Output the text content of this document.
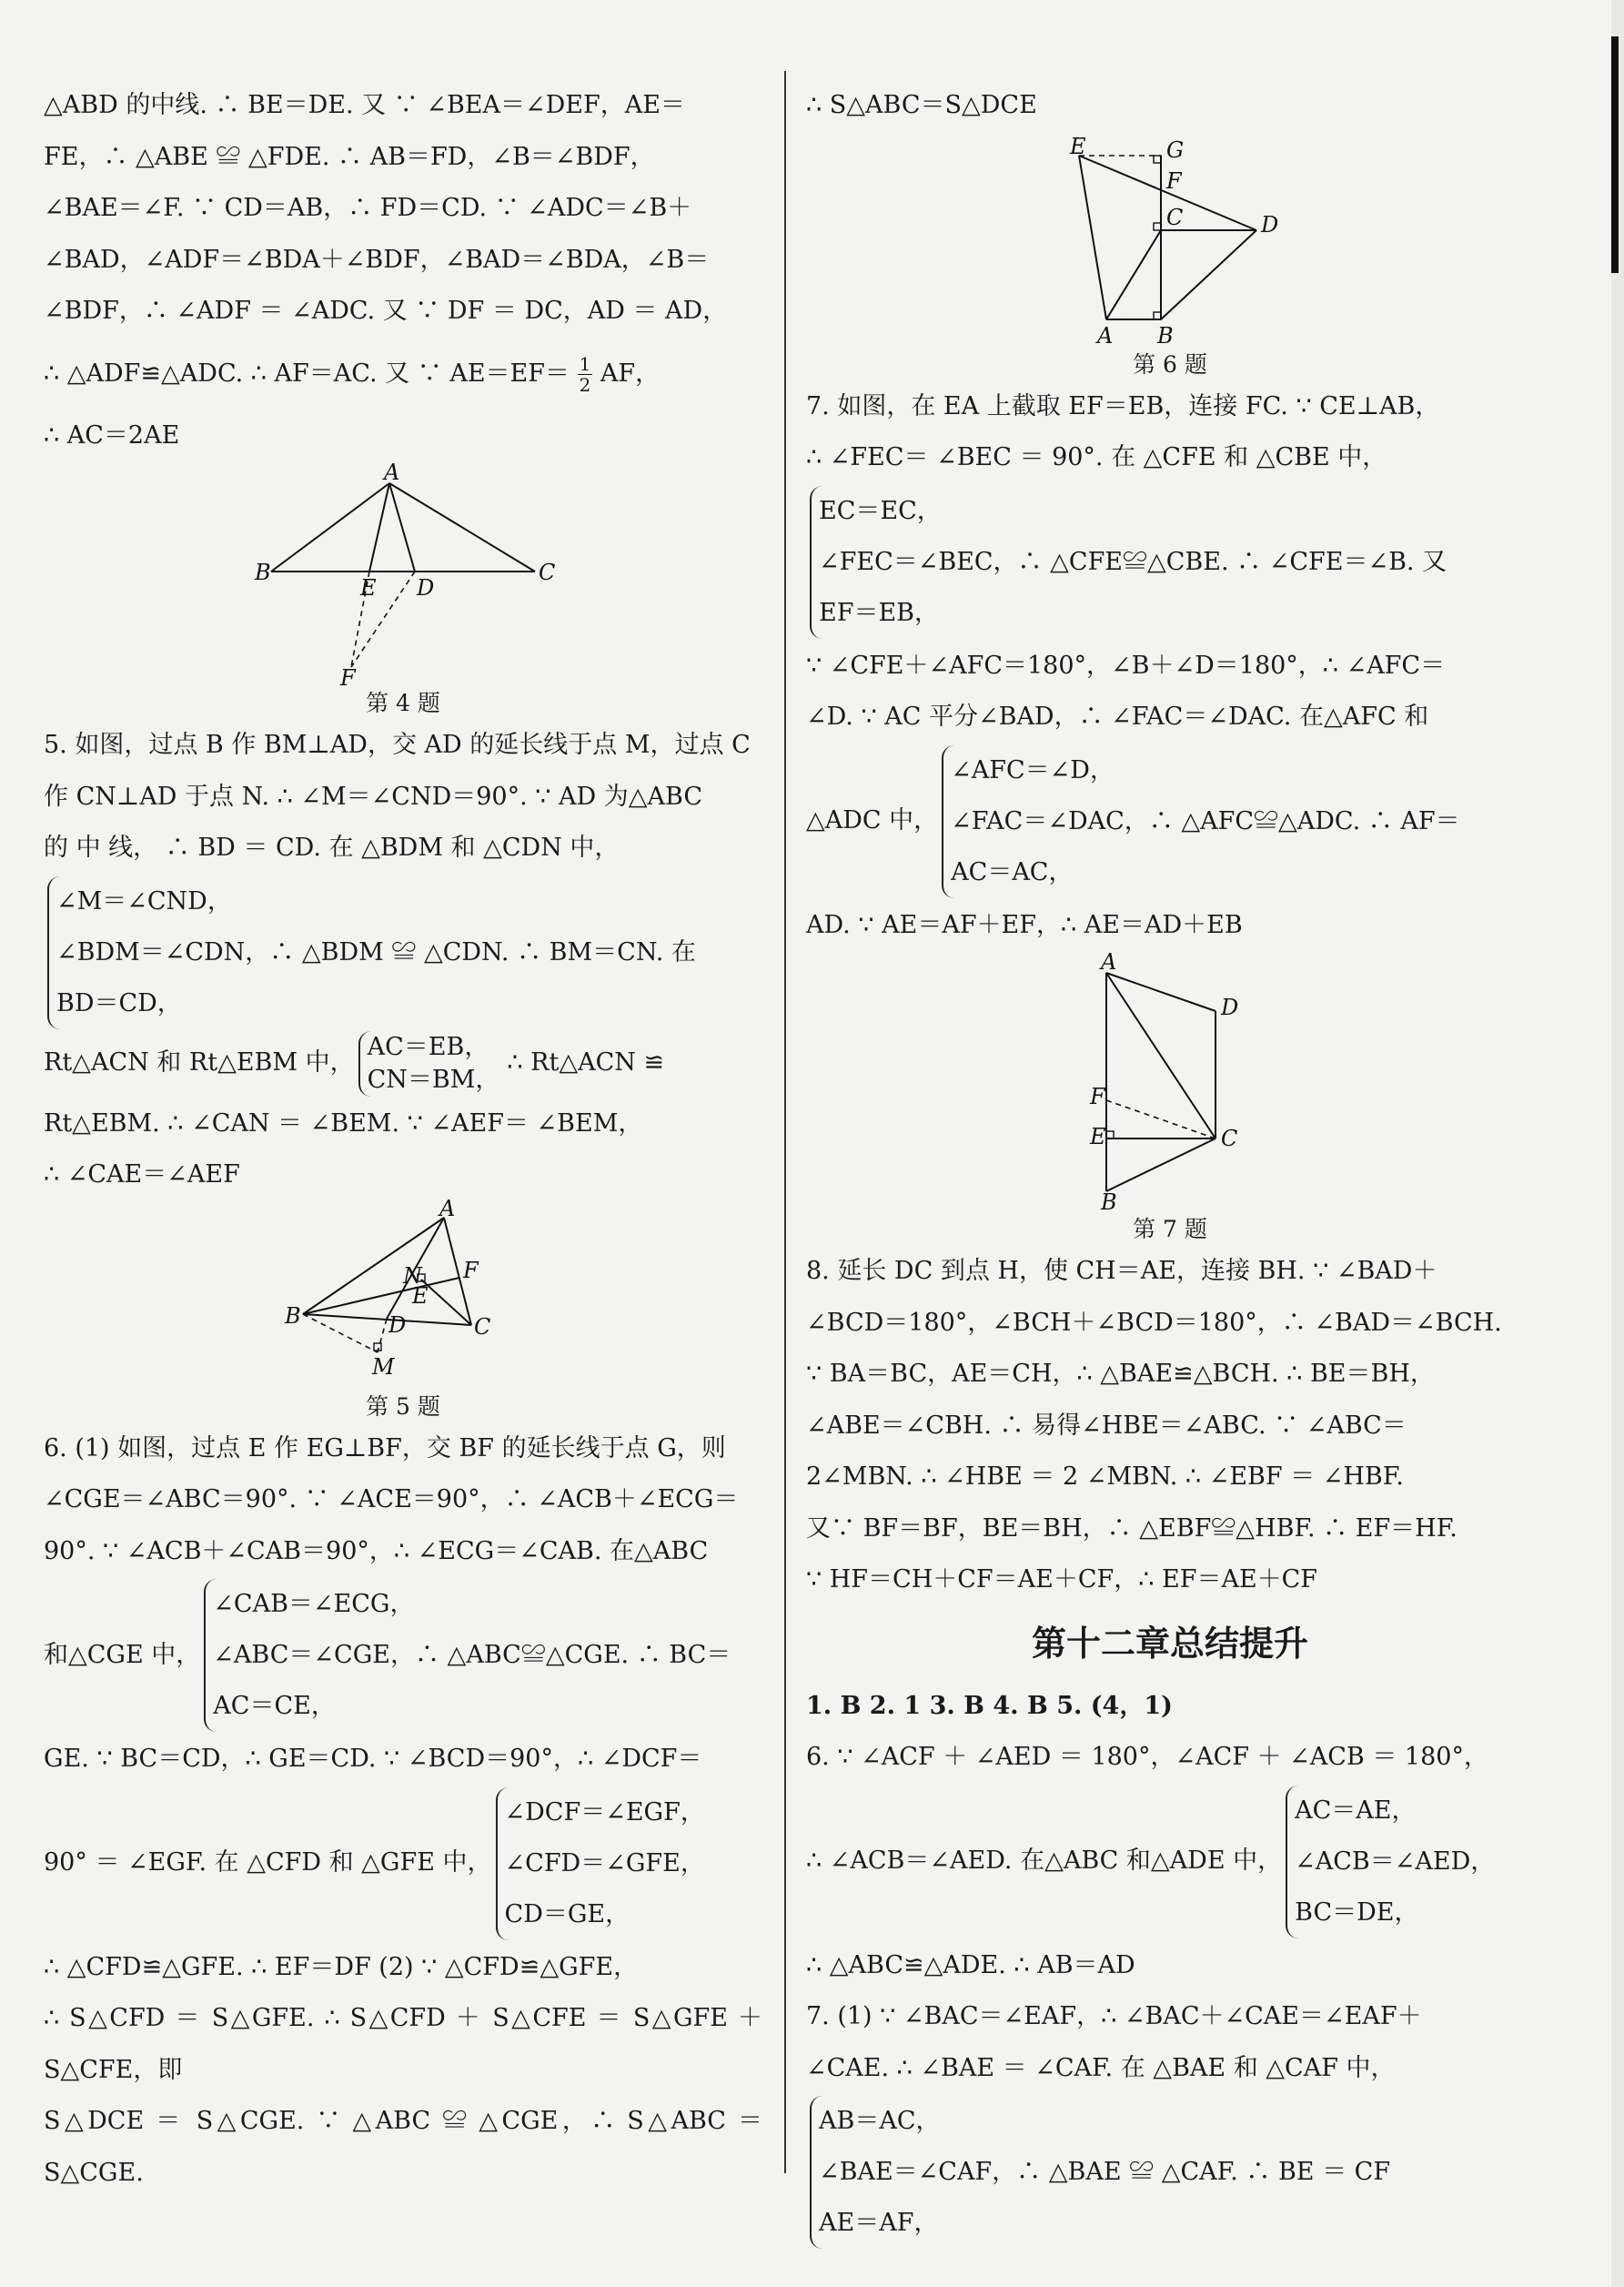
△ABD 的中线. ∴ BE＝DE. 又 ∵ ∠BEA＝∠DEF，AE＝

FE，∴ △ABE ≌ △FDE. ∴ AB＝FD，∠B＝∠BDF，

∠BAE＝∠F. ∵ CD＝AB，∴ FD＝CD. ∵ ∠ADC＝∠B＋

∠BAD，∠ADF＝∠BDA＋∠BDF，∠BAD＝∠BDA，∠B＝

∠BDF，∴ ∠ADF ＝ ∠ADC. 又 ∵ DF ＝ DC，AD ＝ AD，

∴ △ADF≌△ADC. ∴ AF＝AC. 又 ∵ $AE=EF= \frac{1}{2}$ AF，

∴ AC＝2AE

A
B	C
E D
F
第 4 题

5. 如图，过点 B 作 BM⊥AD，交 AD 的延长线于点 M，过点 C

作 CN⊥AD 于点 N. ∴ ∠M＝∠CND＝90°. ∵ AD 为△ABC

的 中 线， ∴ BD ＝ CD. 在 △BDM 和 △CDN 中，

∠M＝∠CND，
∠BDM＝∠CDN，∴ △BDM ≌ △CDN. ∴ BM＝CN. 在
BD＝CD，
Rt△ACN 和 Rt△EBM 中，
AC＝EB，
CN＝BM，
∴ Rt△ACN ≌

Rt△EBM. ∴ ∠CAN ＝ ∠BEM. ∵ ∠AEF＝ ∠BEM，

∴ ∠CAE＝∠AEF

A
B	C
N
E
F
D
M
第 5 题

6. (1) 如图，过点 E 作 EG⊥BF，交 BF 的延长线于点 G，则

∠CGE＝∠ABC＝90°. ∵ ∠ACE＝90°，∴ ∠ACB＋∠ECG＝

90°. ∵ ∠ACB＋∠CAB＝90°，∴ ∠ECG＝∠CAB. 在△ABC

和△CGE 中，
∠CAB＝∠ECG，
∠ABC＝∠CGE，∴ △ABC≌△CGE. ∴ BC＝
AC＝CE，

GE. ∵ BC＝CD，∴ GE＝CD. ∵ ∠BCD＝90°，∴ ∠DCF＝

90° ＝ ∠EGF. 在 △CFD 和 △GFE 中，
∠DCF＝∠EGF，
∠CFD＝∠GFE，
CD＝GE，

∴ △CFD≌△GFE. ∴ EF＝DF (2) ∵ △CFD≌△GFE，

∴ S△CFD ＝ S△GFE. ∴ S△CFD ＋ S△CFE ＝ S△GFE ＋ S△CFE，即

S△DCE ＝ S△CGE. ∵ △ABC ≌ △CGE，∴ S△ABC ＝ S△CGE.

∴ S△ABC＝S△DCE

E	G
F
C	D
A B
第 6 题

7. 如图，在 EA 上截取 EF＝EB，连接 FC. ∵ CE⊥AB，

∴ ∠FEC＝ ∠BEC ＝ 90°. 在 △CFE 和 △CBE 中，

EC＝EC，
∠FEC＝∠BEC，∴ △CFE≌△CBE. ∴ ∠CFE＝∠B. 又
EF＝EB，

∵ ∠CFE＋∠AFC＝180°，∠B＋∠D＝180°，∴ ∠AFC＝

∠D. ∵ AC 平分∠BAD，∴ ∠FAC＝∠DAC. 在△AFC 和

△ADC 中，
∠AFC＝∠D，
∠FAC＝∠DAC，∴ △AFC≌△ADC. ∴ AF＝
AC＝AC，

AD. ∵ AE＝AF＋EF，∴ AE＝AD＋EB

A
D
F
E	C
B
第 7 题

8. 延长 DC 到点 H，使 CH＝AE，连接 BH. ∵ ∠BAD＋

∠BCD＝180°，∠BCH＋∠BCD＝180°，∴ ∠BAD＝∠BCH.

∵ BA＝BC，AE＝CH，∴ △BAE≌△BCH. ∴ BE＝BH，

∠ABE＝∠CBH. ∴ 易得∠HBE＝∠ABC. ∵ ∠ABC＝

2∠MBN. ∴ ∠HBE ＝ 2 ∠MBN. ∴ ∠EBF ＝ ∠HBF.

又∵ BF＝BF，BE＝BH，∴ △EBF≌△HBF. ∴ EF＝HF.

∵ HF＝CH＋CF＝AE＋CF，∴ EF＝AE＋CF

第十二章总结提升

1. B 2. 1 3. B 4. B 5. (4，1)

6. ∵ ∠ACF ＋ ∠AED ＝ 180°，∠ACF ＋ ∠ACB ＝ 180°，

∴ ∠ACB＝∠AED. 在△ABC 和△ADE 中，
AC＝AE，
∠ACB＝∠AED，
BC＝DE，

∴ △ABC≌△ADE. ∴ AB＝AD

7. (1) ∵ ∠BAC＝∠EAF，∴ ∠BAC＋∠CAE＝∠EAF＋

∠CAE. ∴ ∠BAE ＝ ∠CAF. 在 △BAE 和 △CAF 中，

AB＝AC，
∠BAE＝∠CAF，∴ △BAE ≌ △CAF. ∴ BE ＝ CF
AE＝AF，
